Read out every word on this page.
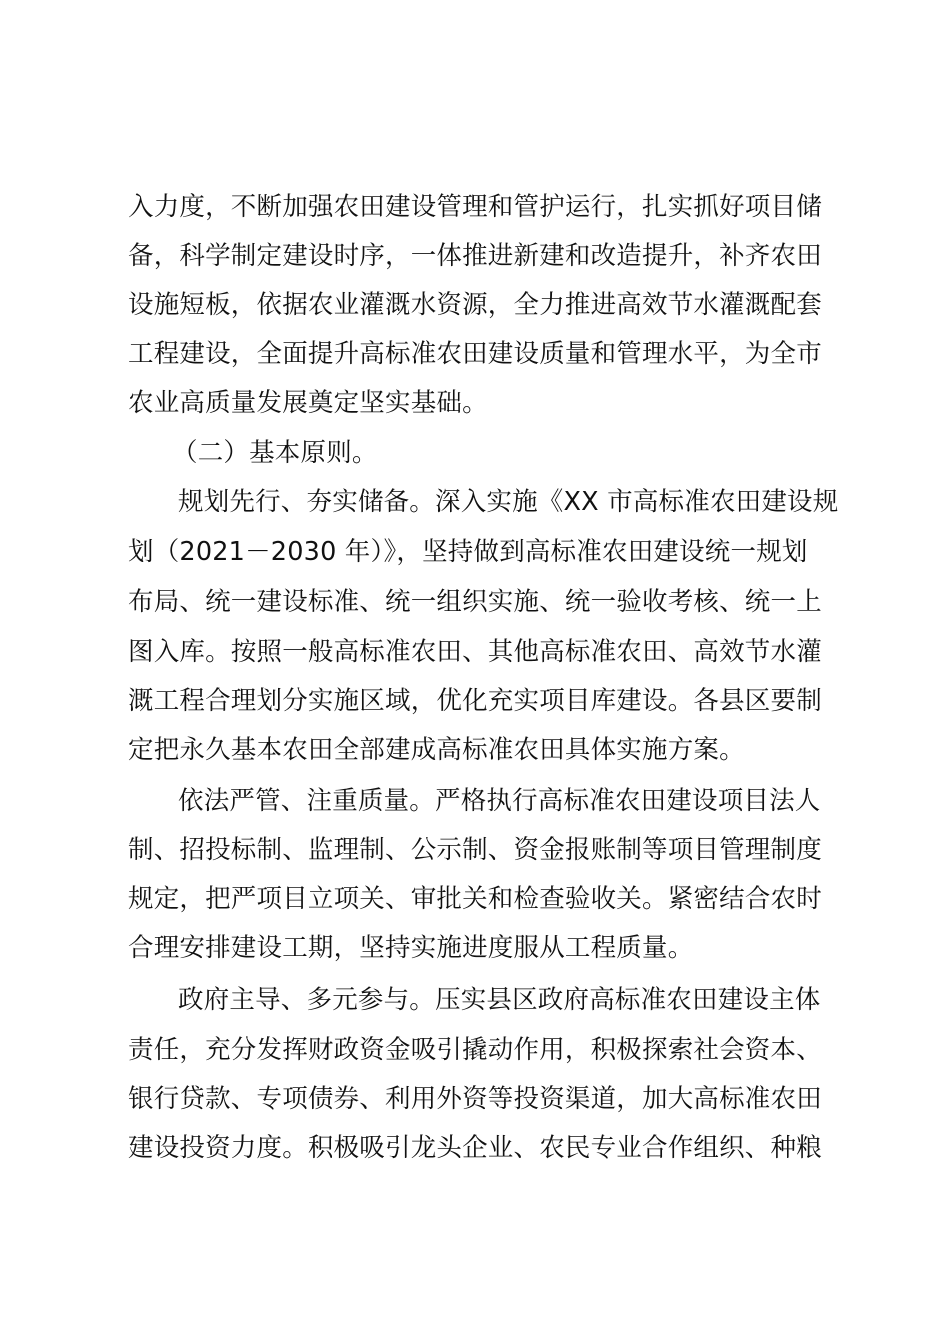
入力度，不断加强农田建设管理和管护运行，扎实抓好项目储
备，科学制定建设时序，一体推进新建和改造提升，补齐农田
设施短板，依据农业灌溉水资源，全力推进高效节水灌溉配套
工程建设，全面提升高标准农田建设质量和管理水平，为全市
农业高质量发展奠定坚实基础。
（二）基本原则。
规划先行、夯实储备。深入实施《XX 市高标准农田建设规
划（2021－2030 年）》，坚持做到高标准农田建设统一规划
布局、统一建设标准、统一组织实施、统一验收考核、统一上
图入库。按照一般高标准农田、其他高标准农田、高效节水灌
溉工程合理划分实施区域，优化充实项目库建设。各县区要制
定把永久基本农田全部建成高标准农田具体实施方案。
依法严管、注重质量。严格执行高标准农田建设项目法人
制、招投标制、监理制、公示制、资金报账制等项目管理制度
规定，把严项目立项关、审批关和检查验收关。紧密结合农时
合理安排建设工期，坚持实施进度服从工程质量。
政府主导、多元参与。压实县区政府高标准农田建设主体
责任，充分发挥财政资金吸引撬动作用，积极探索社会资本、
银行贷款、专项债券、利用外资等投资渠道，加大高标准农田
建设投资力度。积极吸引龙头企业、农民专业合作组织、种粮
